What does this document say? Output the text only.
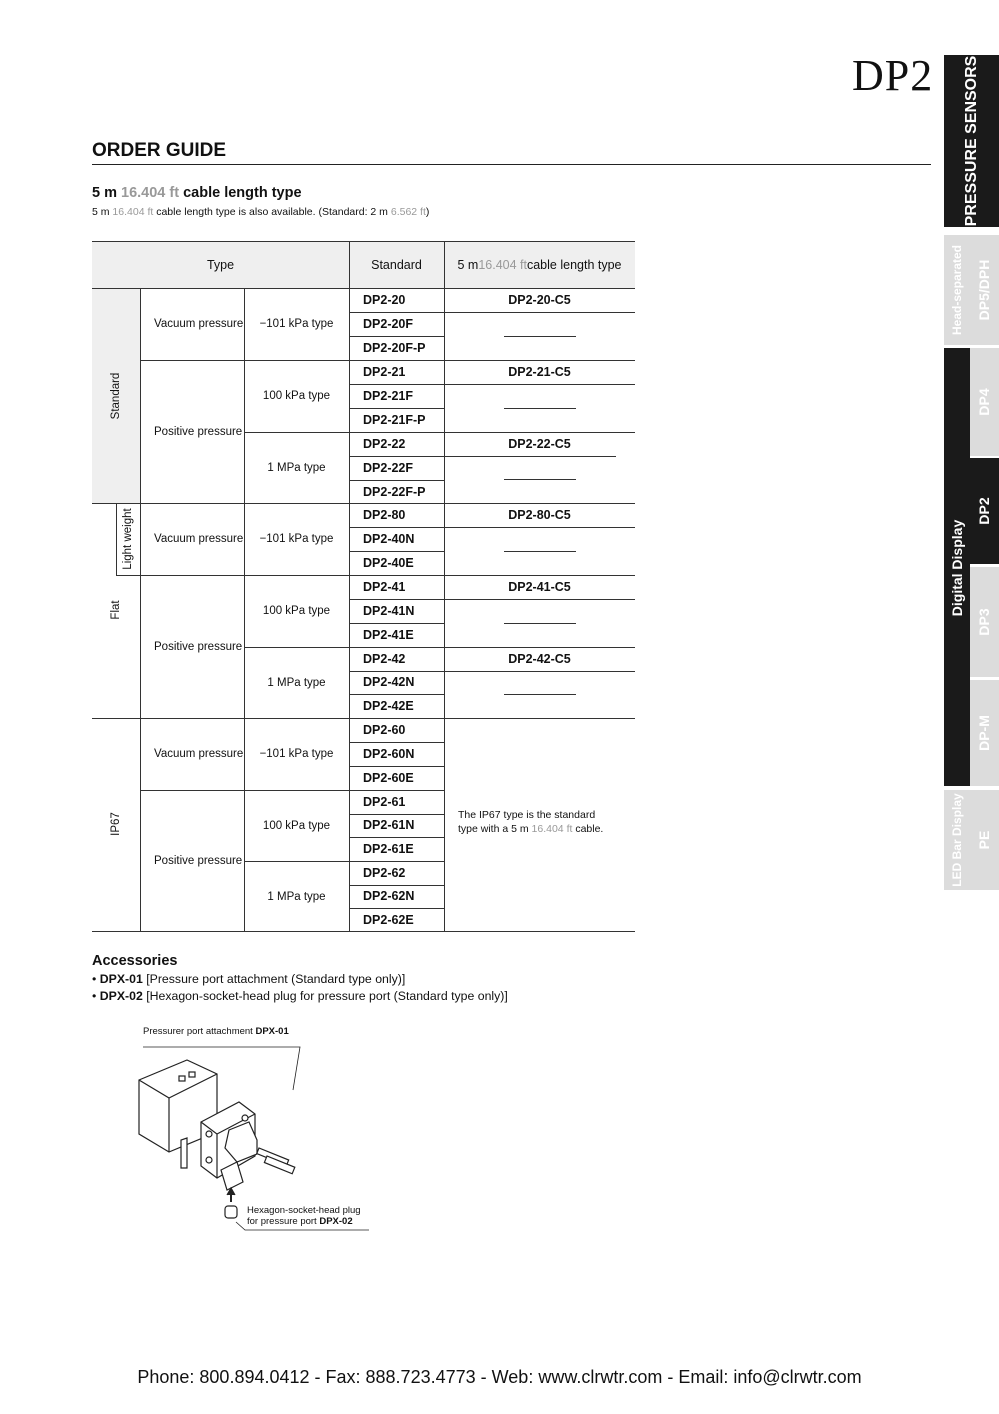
DP2
ORDER GUIDE
5 m 16.404 ft cable length type
5 m 16.404 ft cable length type is also available. (Standard: 2 m 6.562 ft)
Type	Standard	5 m 16.404 ft cable length type
Standard
Flat
Light weight
IP67
Vacuum pressure
Positive pressure
Vacuum pressure
Positive pressure
Vacuum pressure
Positive pressure
−101 kPa type
100 kPa type
1 MPa type
−101 kPa type
100 kPa type
1 MPa type
−101 kPa type
100 kPa type
1 MPa type
DP2-20
DP2-20F
DP2-20F-P
DP2-21
DP2-21F
DP2-21F-P
DP2-22
DP2-22F
DP2-22F-P
DP2-80
DP2-40N
DP2-40E
DP2-41
DP2-41N
DP2-41E
DP2-42
DP2-42N
DP2-42E
DP2-60
DP2-60N
DP2-60E
DP2-61
DP2-61N
DP2-61E
DP2-62
DP2-62N
DP2-62E
DP2-20-C5
DP2-21-C5
DP2-22-C5
DP2-80-C5
DP2-41-C5
DP2-42-C5
The IP67 type is the standard
type with a 5 m 16.404 ft cable.
Accessories
• DPX-01 [Pressure port attachment (Standard type only)]
• DPX-02 [Hexagon-socket-head plug for pressure port (Standard type only)]
Pressurer port attachment DPX-01
Hexagon-socket-head plug
for pressure port DPX-02
Phone: 800.894.0412 - Fax: 888.723.4773 - Web: www.clrwtr.com - Email: info@clrwtr.com
PRESSURE SENSORS
Head-separated DP5/DPH
DP4
Digital Display
DP2
DP3
DP-M
LED Bar Display PE
